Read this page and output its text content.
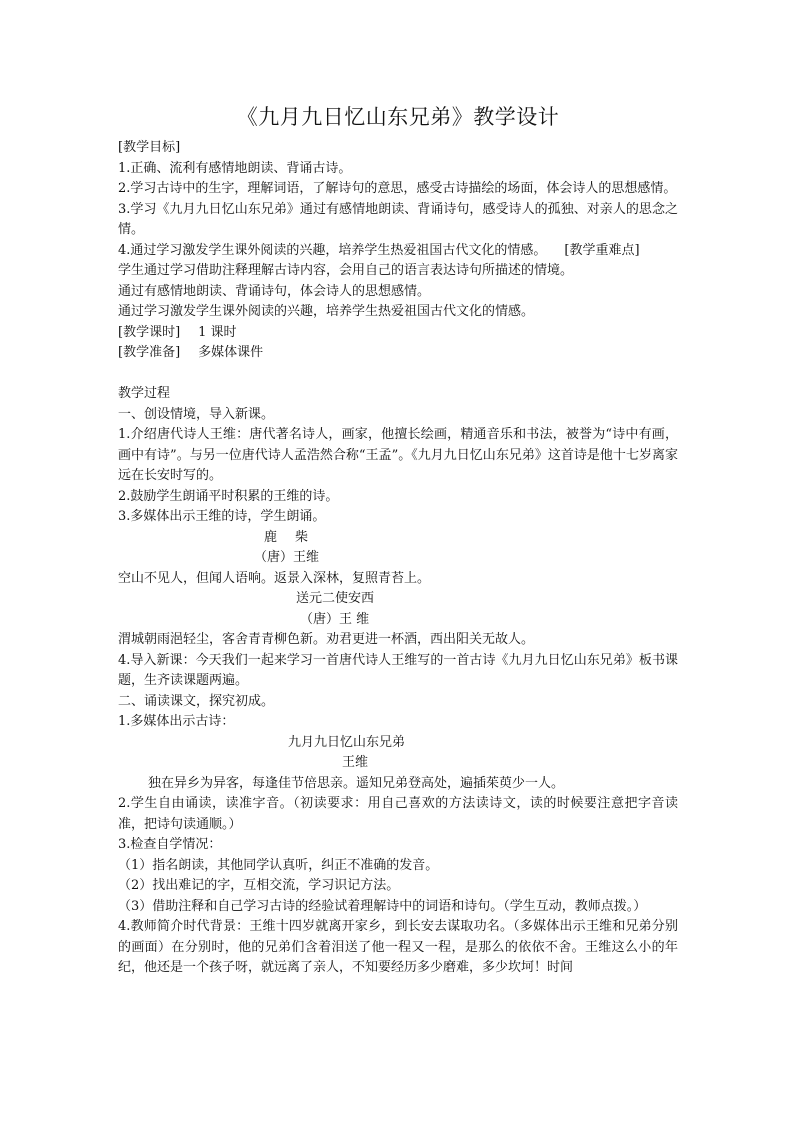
《九月九日忆山东兄弟》教学设计
[教学目标]
1.正确、流利有感情地朗读、背诵古诗。
2.学习古诗中的生字，理解词语，了解诗句的意思，感受古诗描绘的场面，体会诗人的思想感情。
3.学习《九月九日忆山东兄弟》通过有感情地朗读、背诵诗句，感受诗人的孤独、对亲人的思念之情。
4.通过学习激发学生课外阅读的兴趣，培养学生热爱祖国古代文化的情感。 [教学重难点]
学生通过学习借助注释理解古诗内容，会用自己的语言表达诗句所描述的情境。
通过有感情地朗读、背诵诗句，体会诗人的思想感情。
通过学习激发学生课外阅读的兴趣，培养学生热爱祖国古代文化的情感。
[教学课时] 1 课时
[教学准备] 多媒体课件
教学过程
一、创设情境，导入新课。
1.介绍唐代诗人王维：唐代著名诗人，画家，他擅长绘画，精通音乐和书法，被誉为“诗中有画，画中有诗”。与另一位唐代诗人孟浩然合称“王孟”。《九月九日忆山东兄弟》这首诗是他十七岁离家远在长安时写的。
2.鼓励学生朗诵平时积累的王维的诗。
3.多媒体出示王维的诗，学生朗诵。
鹿 柴
（唐）王维
空山不见人，但闻人语响。返景入深林，复照青苔上。
送元二使安西
（唐）王 维
渭城朝雨浥轻尘，客舍青青柳色新。劝君更进一杯酒，西出阳关无故人。
4.导入新课：今天我们一起来学习一首唐代诗人王维写的一首古诗《九月九日忆山东兄弟》板书课题，生齐读课题两遍。
二、诵读课文，探究初成。
1.多媒体出示古诗：
九月九日忆山东兄弟
王维
独在异乡为异客，每逢佳节倍思亲。遥知兄弟登高处，遍插茱萸少一人。
2.学生自由诵读，读准字音。（初读要求：用自己喜欢的方法读诗文，读的时候要注意把字音读准，把诗句读通顺。）
3.检查自学情况：
（1）指名朗读，其他同学认真听，纠正不准确的发音。
（2）找出难记的字，互相交流，学习识记方法。
（3）借助注释和自己学习古诗的经验试着理解诗中的词语和诗句。（学生互动，教师点拨。）
4.教师简介时代背景：王维十四岁就离开家乡，到长安去谋取功名。（多媒体出示王维和兄弟分别的画面）在分别时，他的兄弟们含着泪送了他一程又一程，是那么的依依不舍。王维这么小的年纪，他还是一个孩子呀，就远离了亲人，不知要经历多少磨难，多少坎坷！时间
